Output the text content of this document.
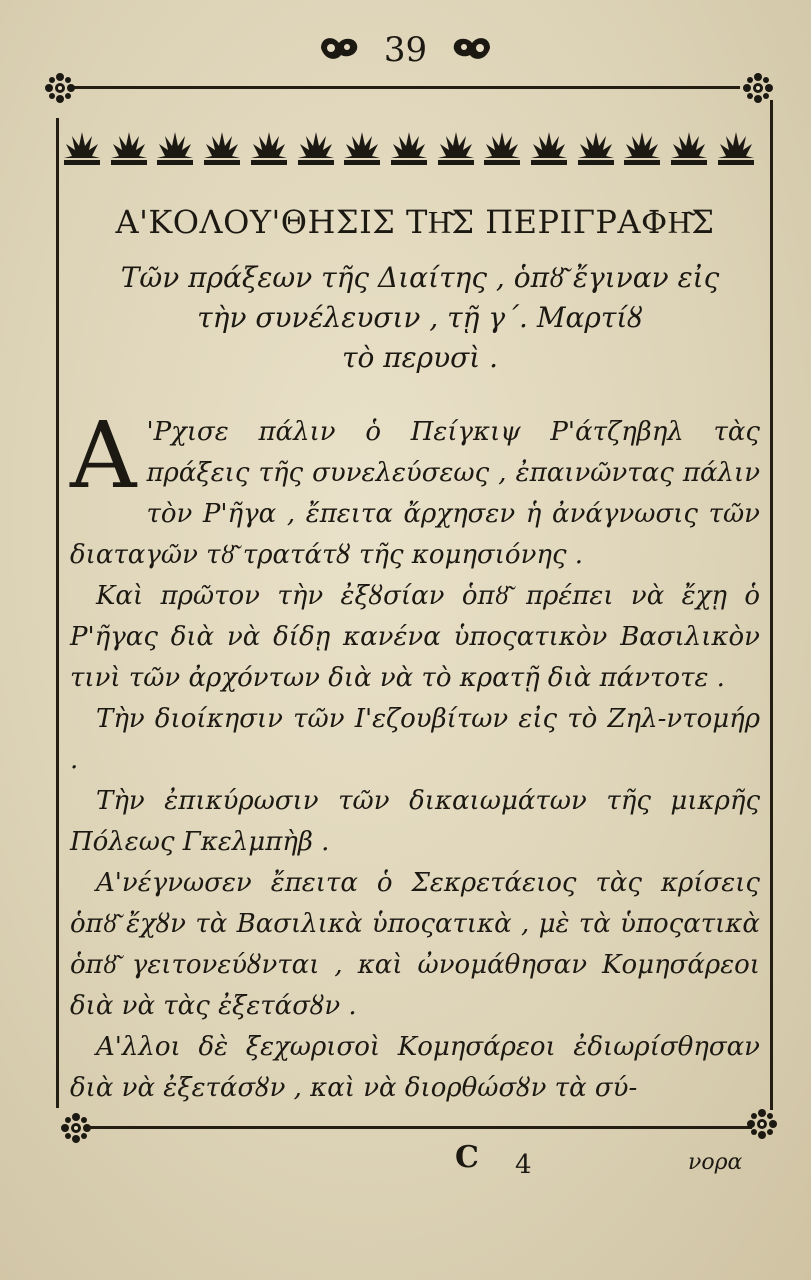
39
Α'ΚΟΛΟΥ'ΘΗΣΙΣ ΤΗ͂Σ ΠΕΡΙΓΡΑΦΗ͂Σ
Τῶν πράξεων τῆς Διαίτης , ὁπȣ͂ ἔγιναν εἰς
τὴν συνέλευσιν , τῇ γ΄. Μαρτίȣ
τὸ περυσὶ .

Α 'Ρχισε πάλιν ὁ Πείγκιψ Ρ'άτζηβηλ τὰς πράξεις τῆς συνελεύσεως , ἐπαινῶντας πάλιν τὸν Ρ'ῆγα , ἔπειτα ἄρχησεν ἡ ἀνάγνωσις τῶν διαταγῶν τȣ͂ τρατάτȣ τῆς κομησιόνης .

Καὶ πρῶτον τὴν ἐξȣσίαν ὁπȣ͂ πρέπει νὰ ἔχῃ ὁ Ρ'ῆγας διὰ νὰ δίδῃ κανένα ὑποςατικὸν Βασιλικὸν τινὶ τῶν ἀρχόντων διὰ νὰ τὸ κρατῇ διὰ πάντοτε .

Τὴν διοίκησιν τῶν Ι'εζουβίτων εἰς τὸ Ζηλ-ντομήρ .

Τὴν ἐπικύρωσιν τῶν δικαιωμάτων τῆς μικρῆς Πόλεως Γκελμπὴβ .

Α'νέγνωσεν ἔπειτα ὁ Σεκρετάειος τὰς κρίσεις ὁπȣ͂ ἔχȣν τὰ Βασιλικὰ ὑποςατικὰ , μὲ τὰ ὑποςατικὰ ὁπȣ͂ γειτονεύȣνται , καὶ ὠνομάθησαν Κομησάρεοι διὰ νὰ τὰς ἐξετάσȣν .

Α'λλοι δὲ ξεχωρισοὶ Κομησάρεοι ἐδιωρίσθησαν διὰ νὰ ἐξετάσȣν , καὶ νὰ διορθώσȣν τὰ σύ-

C 4	νορα
